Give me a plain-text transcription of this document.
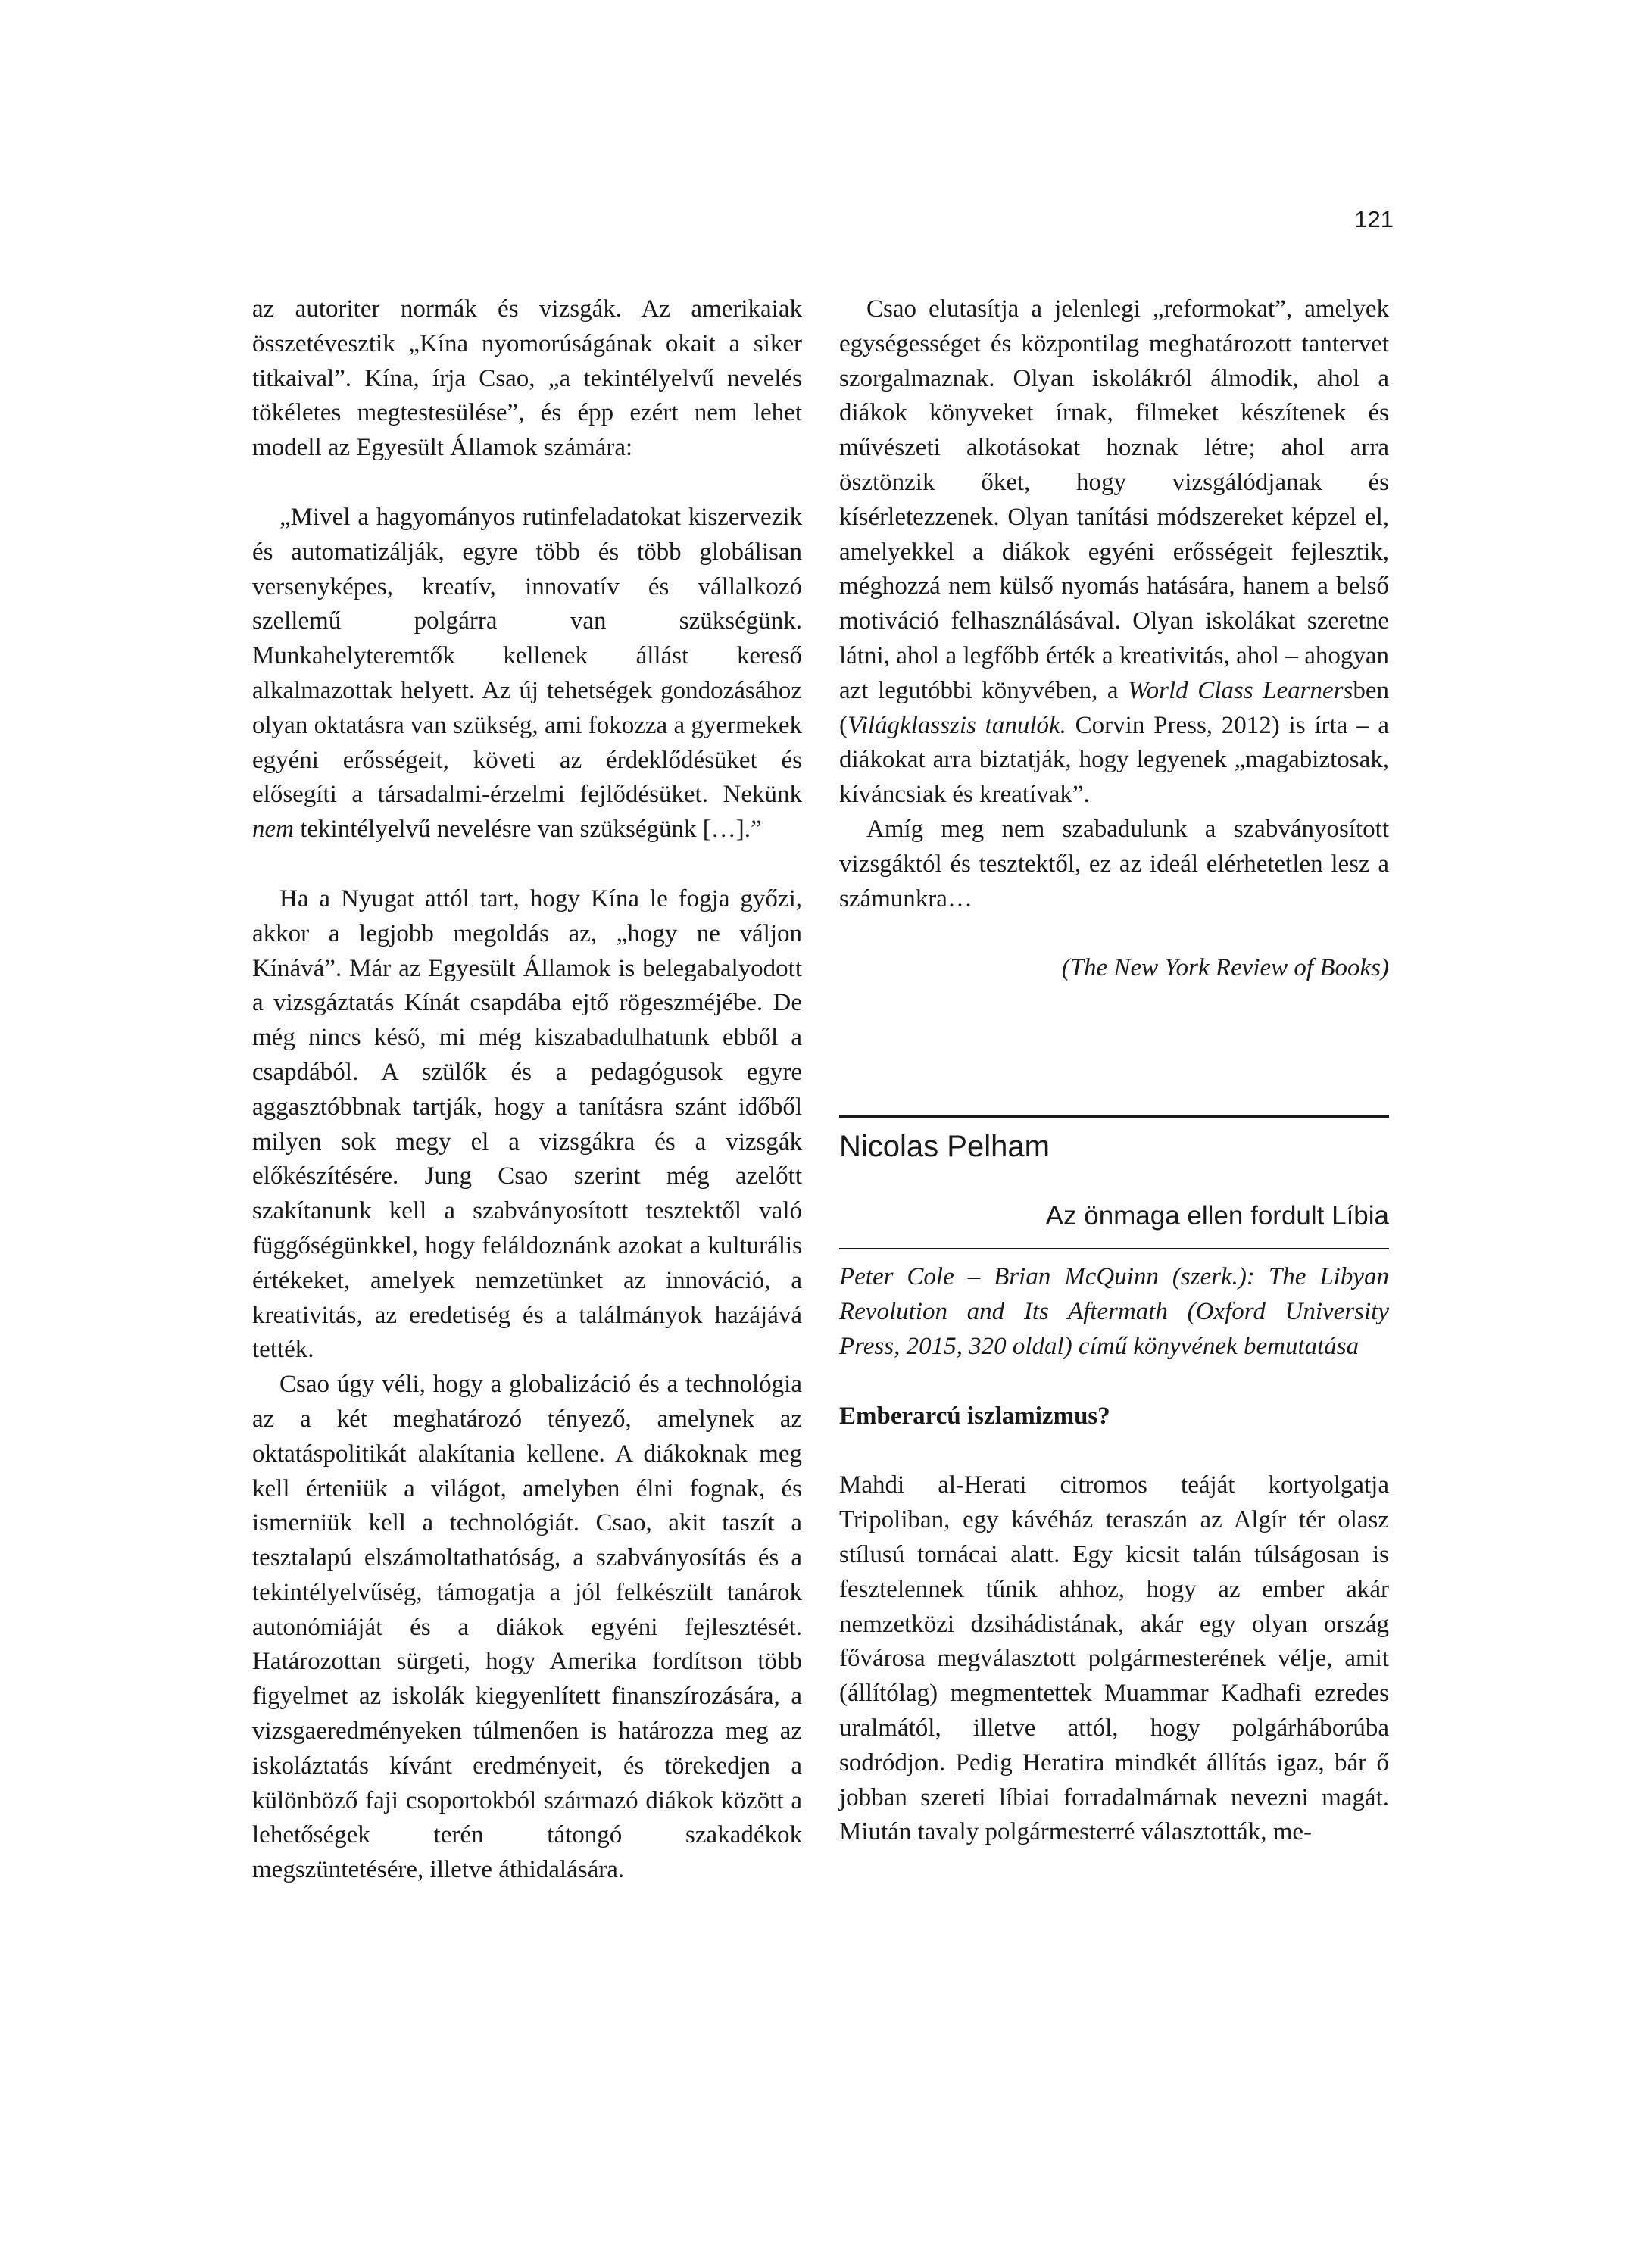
121

az autoriter normák és vizsgák. Az amerikaiak összetévesztik „Kína nyomorúságának okait a siker titkaival”. Kína, írja Csao, „a tekintélyelvű nevelés tökéletes megtestesülése”, és épp ezért nem lehet modell az Egyesült Államok számára:

„Mivel a hagyományos rutinfeladatokat kiszervezik és automatizálják, egyre több és több globálisan versenyképes, kreatív, innovatív és vállalkozó szellemű polgárra van szükségünk. Munkahelyteremtők kellenek állást kereső alkalmazottak helyett. Az új tehetségek gondozásához olyan oktatásra van szükség, ami fokozza a gyermekek egyéni erősségeit, követi az érdeklődésüket és elősegíti a társadalmi-érzelmi fejlődésüket. Nekünk nem tekintélyelvű nevelésre van szükségünk […].”

Ha a Nyugat attól tart, hogy Kína le fogja győzi, akkor a legjobb megoldás az, „hogy ne váljon Kínává”. Már az Egyesült Államok is belegabalyodott a vizsgáztatás Kínát csapdába ejtő rögeszméjébe. De még nincs késő, mi még kiszabadulhatunk ebből a csapdából. A szülők és a pedagógusok egyre aggasztóbbnak tartják, hogy a tanításra szánt időből milyen sok megy el a vizsgákra és a vizsgák előkészítésére. Jung Csao szerint még azelőtt szakítanunk kell a szabványosított tesztektől való függőségünkkel, hogy feláldoznánk azokat a kulturális értékeket, amelyek nemzetünket az innováció, a kreativitás, az eredetiség és a találmányok hazájává tették.

Csao úgy véli, hogy a globalizáció és a technológia az a két meghatározó tényező, amelynek az oktatáspolitikát alakítania kellene. A diákoknak meg kell érteniük a világot, amelyben élni fognak, és ismerniük kell a technológiát. Csao, akit taszít a tesztalapú elszámoltathatóság, a szabványosítás és a tekintélyelvűség, támogatja a jól felkészült tanárok autonómiáját és a diákok egyéni fejlesztését. Határozottan sürgeti, hogy Amerika fordítson több figyelmet az iskolák kiegyenlített finanszírozására, a vizsgaeredményeken túlmenően is határozza meg az iskoláztatás kívánt eredményeit, és törekedjen a különböző faji csoportokból származó diákok között a lehetőségek terén tátongó szakadékok megszüntetésére, illetve áthidalására.

Csao elutasítja a jelenlegi „reformokat”, amelyek egységességet és központilag meghatározott tantervet szorgalmaznak. Olyan iskolákról álmodik, ahol a diákok könyveket írnak, filmeket készítenek és művészeti alkotásokat hoznak létre; ahol arra ösztönzik őket, hogy vizsgálódjanak és kísérletezzenek. Olyan tanítási módszereket képzel el, amelyekkel a diákok egyéni erősségeit fejlesztik, méghozzá nem külső nyomás hatására, hanem a belső motiváció felhasználásával. Olyan iskolákat szeretne látni, ahol a legfőbb érték a kreativitás, ahol – ahogyan azt legutóbbi könyvében, a World Class Learnersben (Világklasszis tanulók. Corvin Press, 2012) is írta – a diákokat arra biztatják, hogy legyenek „magabiztosak, kíváncsiak és kreatívak”.

Amíg meg nem szabadulunk a szabványosított vizsgáktól és tesztektől, ez az ideál elérhetetlen lesz a számunkra…

(The New York Review of Books)

Nicolas Pelham

Az önmaga ellen fordult Líbia

Peter Cole – Brian McQuinn (szerk.): The Libyan Revolution and Its Aftermath (Oxford University Press, 2015, 320 oldal) című könyvének bemutatása

Emberarcú iszlamizmus?

Mahdi al-Herati citromos teáját kortyolgatja Tripoliban, egy kávéház teraszán az Algír tér olasz stílusú tornácai alatt. Egy kicsit talán túlságosan is fesztelennek tűnik ahhoz, hogy az ember akár nemzetközi dzsihádistának, akár egy olyan ország fővárosa megválasztott polgármesterének vélje, amit (állítólag) megmentettek Muammar Kadhafi ezredes uralmától, illetve attól, hogy polgárháborúba sodródjon. Pedig Heratira mindkét állítás igaz, bár ő jobban szereti líbiai forradalmárnak nevezni magát. Miután tavaly polgármesterré választották, me-
